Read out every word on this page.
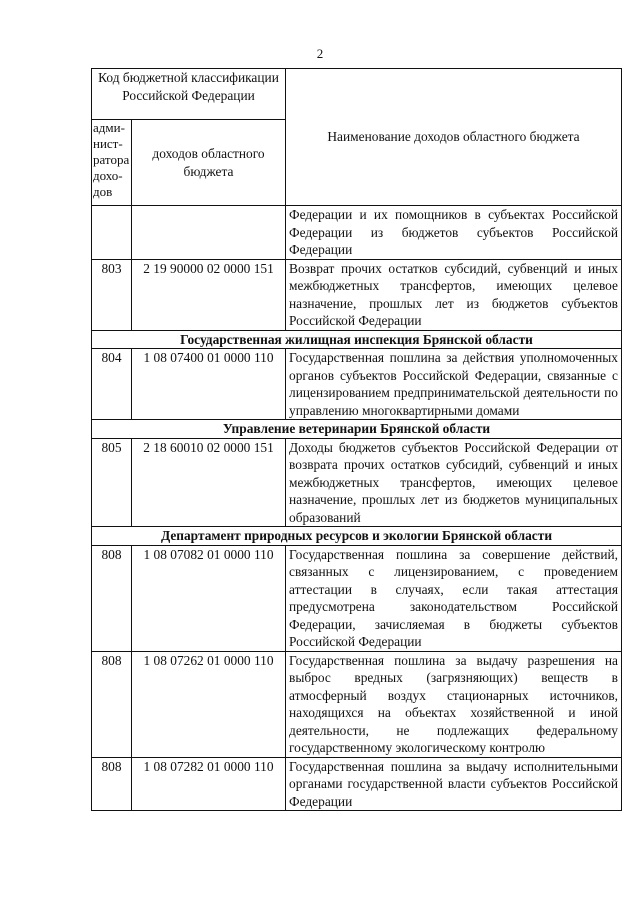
2
Код бюджетной классификации Российской Федерации		Наименование доходов областного бюджета
адми-нист-ратора дохо-дов	доходов областного бюджета	
		Федерации и их помощников в субъектах Российской Федерации из бюджетов субъектов Российской Федерации
803	2 19 90000 02 0000 151	Возврат прочих остатков субсидий, субвенций и иных межбюджетных трансфертов, имеющих целевое назначение, прошлых лет из бюджетов субъектов Российской Федерации
Государственная жилищная инспекция Брянской области		
804	1 08 07400 01 0000 110	Государственная пошлина за действия уполномоченных органов субъектов Российской Федерации, связанные с лицензированием предпринимательской деятельности по управлению многоквартирными домами
Управление ветеринарии Брянской области		
805	2 18 60010 02 0000 151	Доходы бюджетов субъектов Российской Федерации от возврата прочих остатков субсидий, субвенций и иных межбюджетных трансфертов, имеющих целевое назначение, прошлых лет из бюджетов муниципальных образований
Департамент природных ресурсов и экологии Брянской области		
808	1 08 07082 01 0000 110	Государственная пошлина за совершение действий, связанных с лицензированием, с проведением аттестации в случаях, если такая аттестация предусмотрена законодательством Российской Федерации, зачисляемая в бюджеты субъектов Российской Федерации
808	1 08 07262 01 0000 110	Государственная пошлина за выдачу разрешения на выброс вредных (загрязняющих) веществ в атмосферный воздух стационарных источников, находящихся на объектах хозяйственной и иной деятельности, не подлежащих федеральному государственному экологическому контролю
808	1 08 07282 01 0000 110	Государственная пошлина за выдачу исполнительными органами государственной власти субъектов Российской Федерации
